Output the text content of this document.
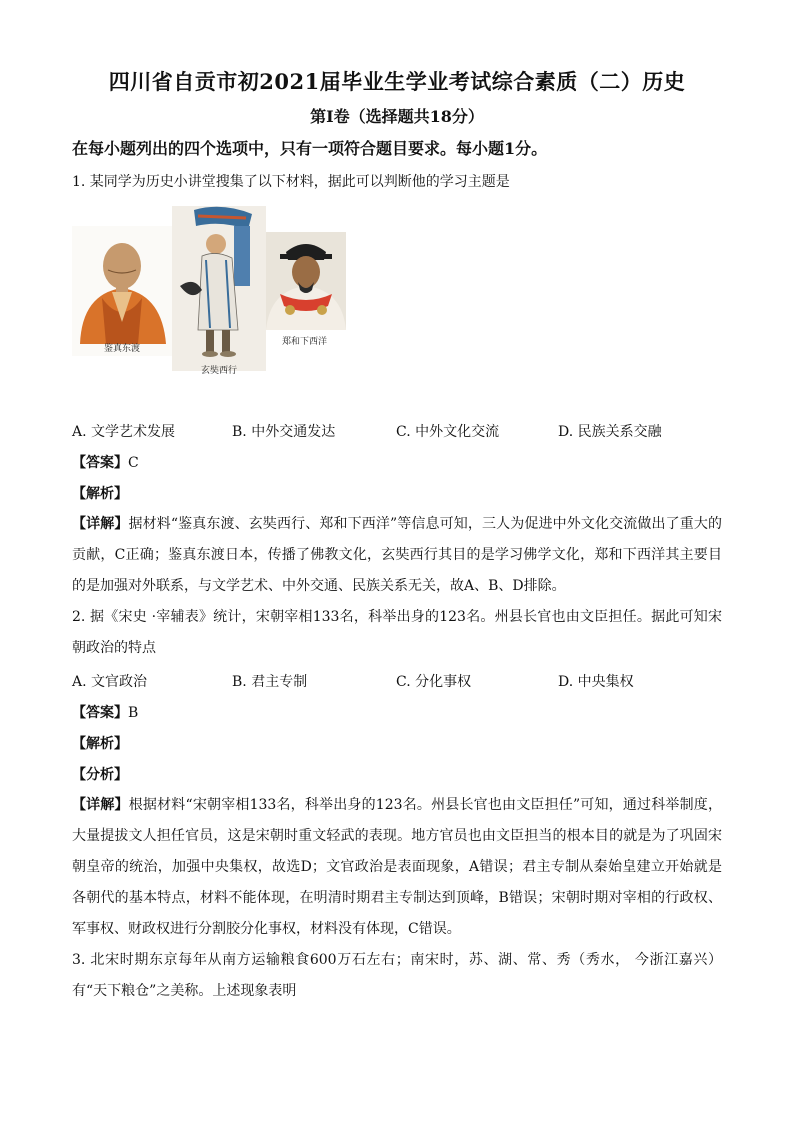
四川省自贡市初2021届毕业生学业考试综合素质（二）历史
第Ⅰ卷（选择题共18分）
在每小题列出的四个选项中，只有一项符合题目要求。每小题1分。
1. 某同学为历史小讲堂搜集了以下材料，据此可以判断他的学习主题是
鉴真东渡
玄奘西行
郑和下西洋
A. 文学艺术发展	B. 中外交通发达	C. 中外文化交流	D. 民族关系交融
【答案】C
【解析】
【详解】据材料“鉴真东渡、玄奘西行、郑和下西洋”等信息可知，三人为促进中外文化交流做出了重大的贡献，C正确；鉴真东渡日本，传播了佛教文化，玄奘西行其目的是学习佛学文化，郑和下西洋其主要目的是加强对外联系，与文学艺术、中外交通、民族关系无关，故A、B、D排除。
2. 据《宋史 ·宰辅表》统计，宋朝宰相133名，科举出身的123名。州县长官也由文臣担任。据此可知宋朝政治的特点
A. 文官政治	B. 君主专制	C. 分化事权	D. 中央集权
【答案】B
【解析】
【分析】
【详解】根据材料“宋朝宰相133名，科举出身的123名。州县长官也由文臣担任”可知，通过科举制度，大量提拔文人担任官员，这是宋朝时重文轻武的表现。地方官员也由文臣担当的根本目的就是为了巩固宋朝皇帝的统治，加强中央集权，故选D；文官政治是表面现象，A错误；君主专制从秦始皇建立开始就是各朝代的基本特点，材料不能体现，在明清时期君主专制达到顶峰，B错误；宋朝时期对宰相的行政权、军事权、财政权进行分割胶分化事权，材料没有体现，C错误。
3. 北宋时期东京每年从南方运输粮食600万石左右；南宋时，苏、湖、常、秀（秀水， 今浙江嘉兴）有“天下粮仓”之美称。上述现象表明
